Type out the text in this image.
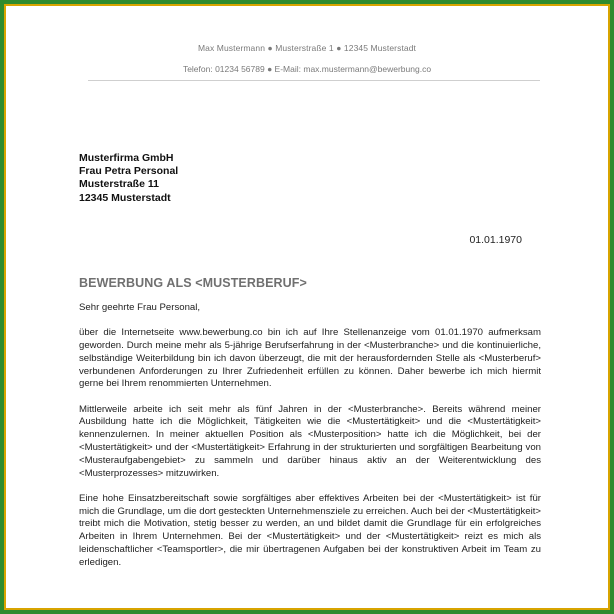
Max Mustermann ● Musterstraße 1 ● 12345 Musterstadt
Telefon: 01234 56789 ● E-Mail: max.mustermann@bewerbung.co
Musterfirma GmbH
Frau Petra Personal
Musterstraße 11
12345 Musterstadt
01.01.1970
BEWERBUNG ALS <MUSTERBERUF>

Sehr geehrte Frau Personal,

über die Internetseite www.bewerbung.co bin ich auf Ihre Stellenanzeige vom 01.01.1970 aufmerksam geworden. Durch meine mehr als 5-jährige Berufserfahrung in der <Musterbranche> und die kontinuierliche, selbständige Weiterbildung bin ich davon überzeugt, die mit der herausfordernden Stelle als <Musterberuf> verbundenen Anforderungen zu Ihrer Zufriedenheit erfüllen zu können. Daher bewerbe ich mich hiermit gerne bei Ihrem renommierten Unternehmen.

Mittlerweile arbeite ich seit mehr als fünf Jahren in der <Musterbranche>. Bereits während meiner Ausbildung hatte ich die Möglichkeit, Tätigkeiten wie die <Mustertätigkeit> und die <Mustertätigkeit> kennenzulernen. In meiner aktuellen Position als <Musterposition> hatte ich die Möglichkeit, bei der <Mustertätigkeit> und der <Mustertätigkeit> Erfahrung in der strukturierten und sorgfältigen Bearbeitung von <Musteraufgabengebiet> zu sammeln und darüber hinaus aktiv an der Weiterentwicklung des <Musterprozesses> mitzuwirken.

Eine hohe Einsatzbereitschaft sowie sorgfältiges aber effektives Arbeiten bei der <Mustertätigkeit> ist für mich die Grundlage, um die dort gesteckten Unternehmensziele zu erreichen. Auch bei der <Mustertätigkeit> treibt mich die Motivation, stetig besser zu werden, an und bildet damit die Grundlage für ein erfolgreiches Arbeiten in Ihrem Unternehmen. Bei der <Mustertätigkeit> und der <Mustertätigkeit> reizt es mich als leidenschaftlicher <Teamsportler>, die mir übertragenen Aufgaben bei der konstruktiven Arbeit im Team zu erledigen.
